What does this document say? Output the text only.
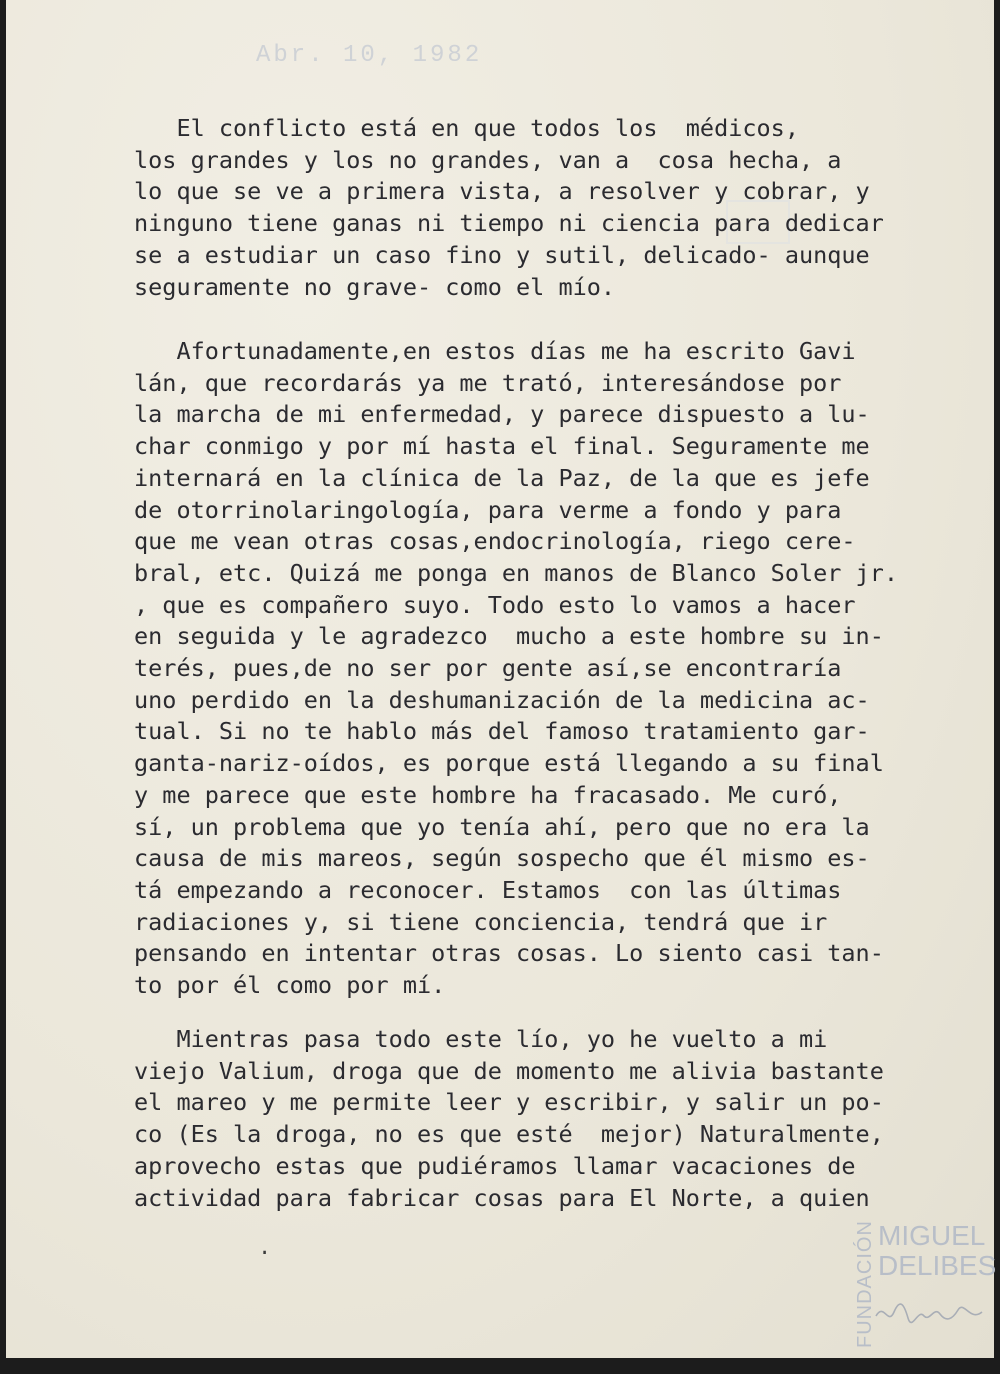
Abr. 10, 1982
El conflicto está en que todos los  médicos,
los grandes y los no grandes, van a  cosa hecha, a
lo que se ve a primera vista, a resolver y cobrar, y
ninguno tiene ganas ni tiempo ni ciencia para dedicar
se a estudiar un caso fino y sutil, delicado- aunque
seguramente no grave- como el mío.
Afortunadamente,en estos días me ha escrito Gavi
lán, que recordarás ya me trató, interesándose por
la marcha de mi enfermedad, y parece dispuesto a lu-
char conmigo y por mí hasta el final. Seguramente me
internará en la clínica de la Paz, de la que es jefe
de otorrinolaringología, para verme a fondo y para
que me vean otras cosas,endocrinología, riego cere-
bral, etc. Quizá me ponga en manos de Blanco Soler jr.
, que es compañero suyo. Todo esto lo vamos a hacer
en seguida y le agradezco  mucho a este hombre su in-
terés, pues,de no ser por gente así,se encontraría
uno perdido en la deshumanización de la medicina ac-
tual. Si no te hablo más del famoso tratamiento gar-
ganta-nariz-oídos, es porque está llegando a su final
y me parece que este hombre ha fracasado. Me curó,
sí, un problema que yo tenía ahí, pero que no era la
causa de mis mareos, según sospecho que él mismo es-
tá empezando a reconocer. Estamos  con las últimas
radiaciones y, si tiene conciencia, tendrá que ir
pensando en intentar otras cosas. Lo siento casi tan-
to por él como por mí.
Mientras pasa todo este lío, yo he vuelto a mi
viejo Valium, droga que de momento me alivia bastante
el mareo y me permite leer y escribir, y salir un po-
co (Es la droga, no es que esté  mejor) Naturalmente,
aprovecho estas que pudiéramos llamar vacaciones de
actividad para fabricar cosas para El Norte, a quien
.	FUNDACIÓN MIGUEL
DELIBES
